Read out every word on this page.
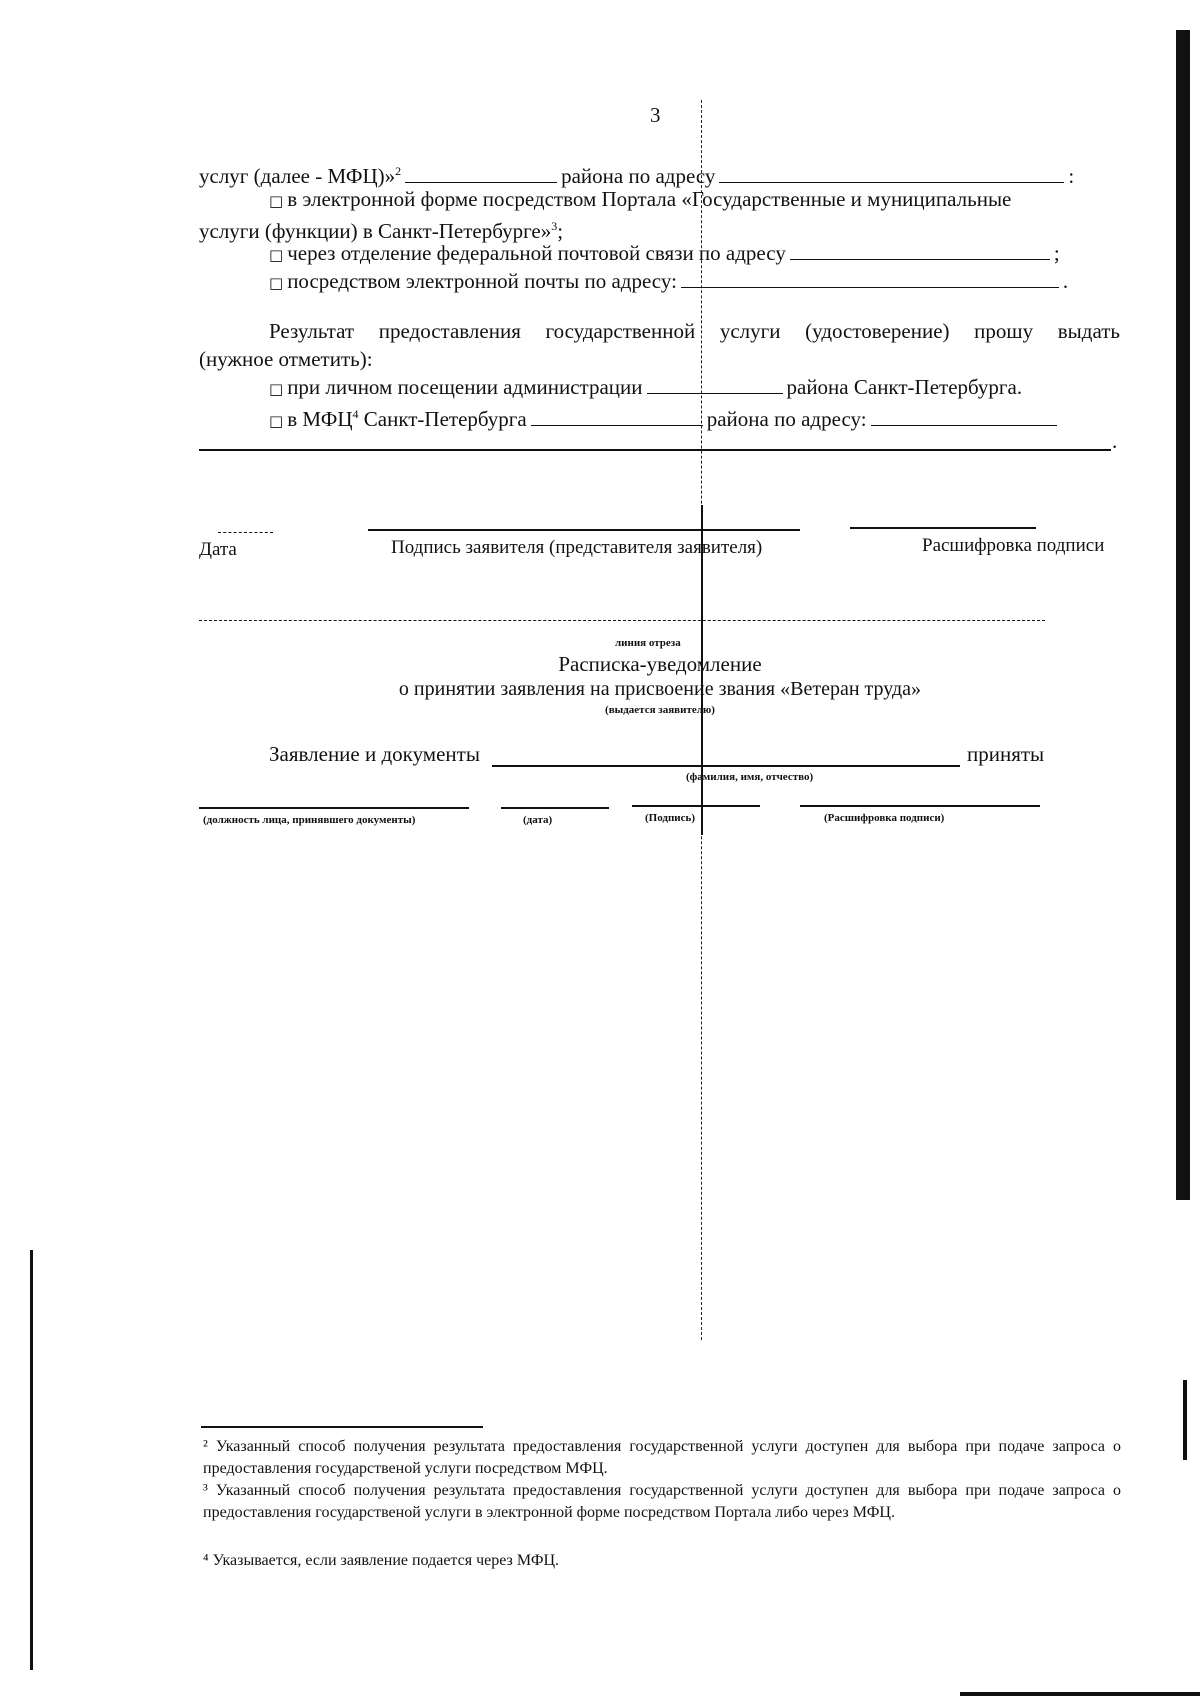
3
услуг (далее - МФЦ)»$^2$	района по адресу	:
□ в электронной форме посредством Портала «Государственные и муниципальные
услуги (функции) в Санкт-Петербурге»$^3$;
□ через отделение федеральной почтовой связи по адресу	;
□ посредством электронной почты по адресу:	.
Результат предоставления государственной услуги (удостоверение) прошу выдать
(нужное отметить):
□ при личном посещении администрации	района Санкт-Петербурга.
□ в МФЦ$^4$ Санкт-Петербурга	района по адресу:
.
Дата	Подпись заявителя (представителя заявителя)	Расшифровка подписи
линия отреза
Расписка-уведомление
о принятии заявления на присвоение звания «Ветеран труда»
(выдается заявителю)
Заявление и документы	приняты
(фамилия, имя, отчество)
(должность лица, принявшего документы)	(дата)	(Подпись)	(Расшифровка подписи)
² Указанный способ получения результата предоставления государственной услуги доступен для выбора при подаче запроса о предоставления государственой услуги посредством МФЦ.
³ Указанный способ получения результата предоставления государственной услуги доступен для выбора при подаче запроса о предоставления государственой услуги в электронной форме посредством Портала либо через МФЦ.
⁴ Указывается, если заявление подается через МФЦ.
